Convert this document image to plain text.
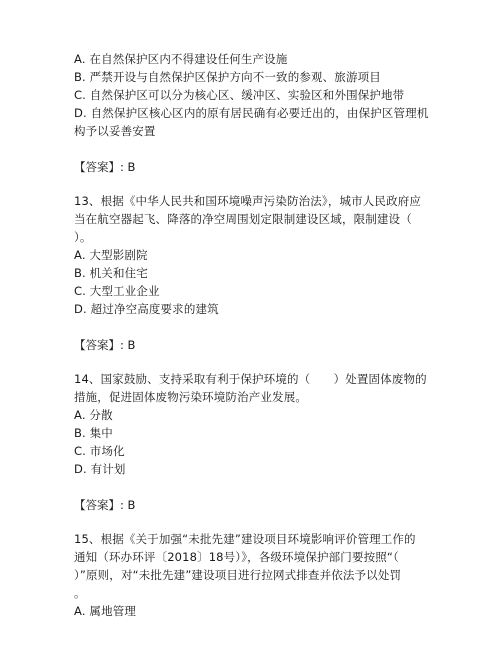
A. 在自然保护区内不得建设任何生产设施
B. 严禁开设与自然保护区保护方向不一致的参观、旅游项目
C. 自然保护区可以分为核心区、缓冲区、实验区和外围保护地带
D. 自然保护区核心区内的原有居民确有必要迁出的，由保护区管理机
构予以妥善安置
【答案】: B
13、根据《中华人民共和国环境噪声污染防治法》，城市人民政府应
当在航空器起飞、降落的净空周围划定限制建设区域，限制建设（
）。
A. 大型影剧院
B. 机关和住宅
C. 大型工业企业
D. 超过净空高度要求的建筑
【答案】: B
14、国家鼓励、支持采取有利于保护环境的（　　）处置固体废物的
措施，促进固体废物污染环境防治产业发展。
A. 分散
B. 集中
C. 市场化
D. 有计划
【答案】: B
15、根据《关于加强“未批先建”建设项目环境影响评价管理工作的
通知（环办环评〔2018〕18号）》，各级环境保护部门要按照“（
）”原则，对“未批先建”建设项目进行拉网式排查并依法予以处罚
。
A. 属地管理
